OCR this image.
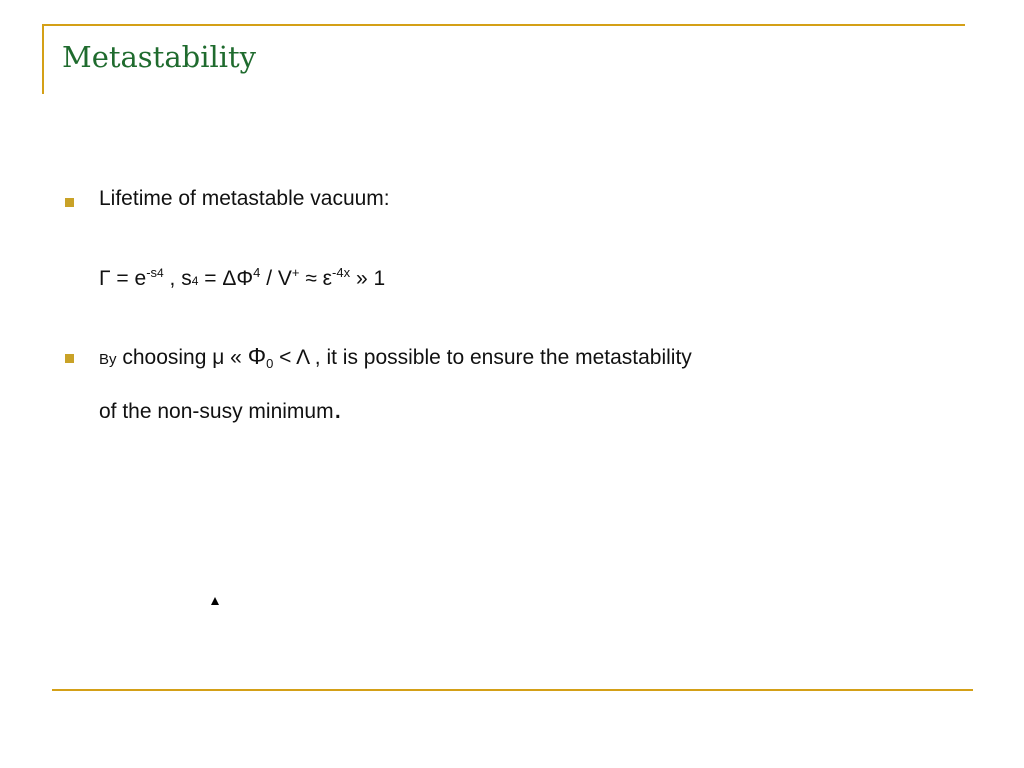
Metastability
Lifetime of metastable vacuum:
$\Gamma = e^{-s4}$ , $s4 = \Delta\Phi^4 / V^+ \approx \varepsilon^{-4x}$ » 1
By choosing μ « $\Phi_0 < \Lambda$ , it is possible to ensure the metastability
of the non-susy minimum.
